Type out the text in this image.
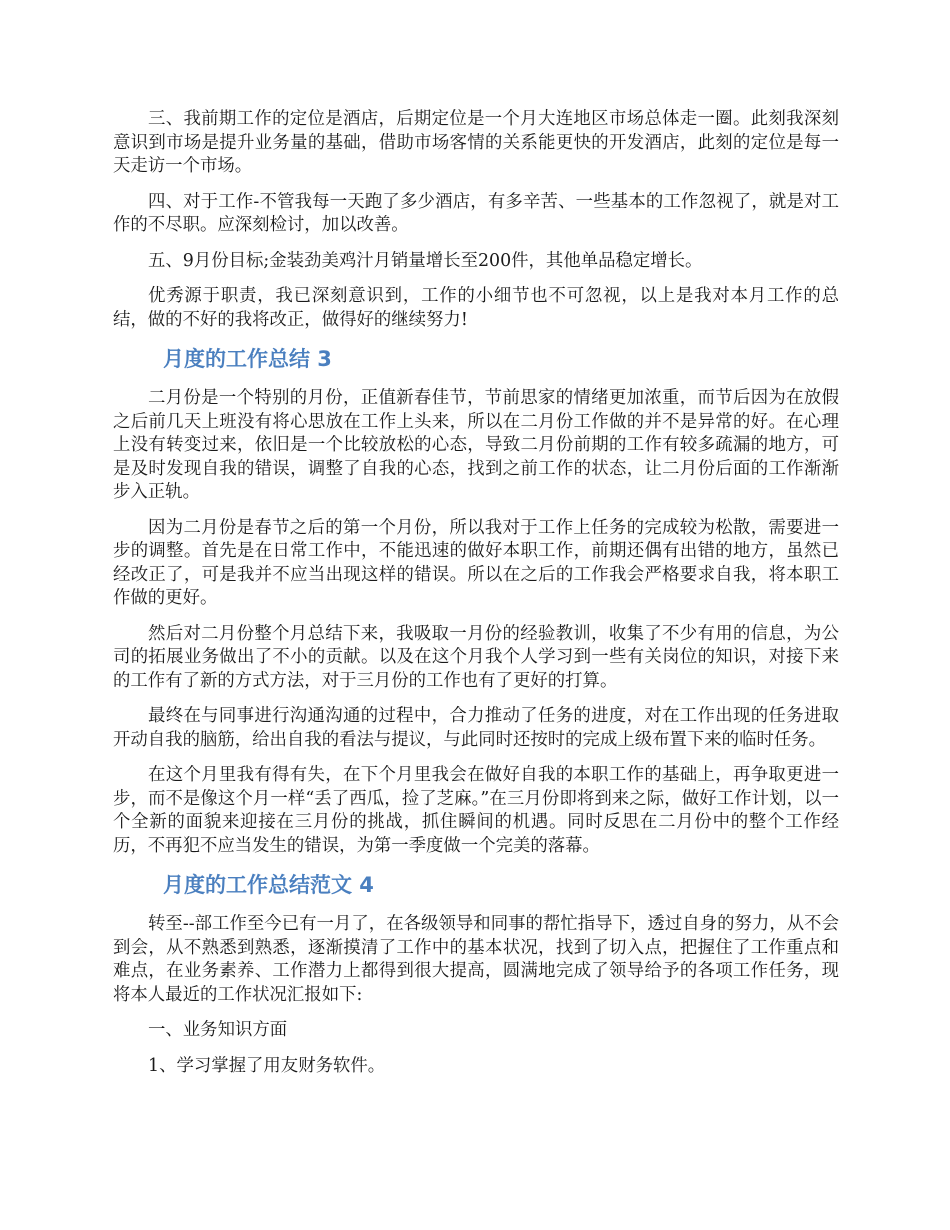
三、我前期工作的定位是酒店，后期定位是一个月大连地区市场总体走一圈。此刻我深刻意识到市场是提升业务量的基础，借助市场客情的关系能更快的开发酒店，此刻的定位是每一天走访一个市场。

四、对于工作-不管我每一天跑了多少酒店，有多辛苦、一些基本的工作忽视了，就是对工作的不尽职。应深刻检讨，加以改善。

五、9月份目标;金装劲美鸡汁月销量增长至200件，其他单品稳定增长。

优秀源于职责，我已深刻意识到，工作的小细节也不可忽视，以上是我对本月工作的总结，做的不好的我将改正，做得好的继续努力!

月度的工作总结 3

二月份是一个特别的月份，正值新春佳节，节前思家的情绪更加浓重，而节后因为在放假之后前几天上班没有将心思放在工作上头来，所以在二月份工作做的并不是异常的好。在心理上没有转变过来，依旧是一个比较放松的心态，导致二月份前期的工作有较多疏漏的地方，可是及时发现自我的错误，调整了自我的心态，找到之前工作的状态，让二月份后面的工作渐渐步入正轨。

因为二月份是春节之后的第一个月份，所以我对于工作上任务的完成较为松散，需要进一步的调整。首先是在日常工作中，不能迅速的做好本职工作，前期还偶有出错的地方，虽然已经改正了，可是我并不应当出现这样的错误。所以在之后的工作我会严格要求自我，将本职工作做的更好。

然后对二月份整个月总结下来，我吸取一月份的经验教训，收集了不少有用的信息，为公司的拓展业务做出了不小的贡献。以及在这个月我个人学习到一些有关岗位的知识，对接下来的工作有了新的方式方法，对于三月份的工作也有了更好的打算。

最终在与同事进行沟通沟通的过程中，合力推动了任务的进度，对在工作出现的任务进取开动自我的脑筋，给出自我的看法与提议，与此同时还按时的完成上级布置下来的临时任务。

在这个月里我有得有失，在下个月里我会在做好自我的本职工作的基础上，再争取更进一步，而不是像这个月一样“丢了西瓜，捡了芝麻。”在三月份即将到来之际，做好工作计划，以一个全新的面貌来迎接在三月份的挑战，抓住瞬间的机遇。同时反思在二月份中的整个工作经历，不再犯不应当发生的错误，为第一季度做一个完美的落幕。

月度的工作总结范文 4

转至--部工作至今已有一月了，在各级领导和同事的帮忙指导下，透过自身的努力，从不会到会，从不熟悉到熟悉，逐渐摸清了工作中的基本状况，找到了切入点，把握住了工作重点和难点，在业务素养、工作潜力上都得到很大提高，圆满地完成了领导给予的各项工作任务，现将本人最近的工作状况汇报如下:

一、业务知识方面

1、学习掌握了用友财务软件。
